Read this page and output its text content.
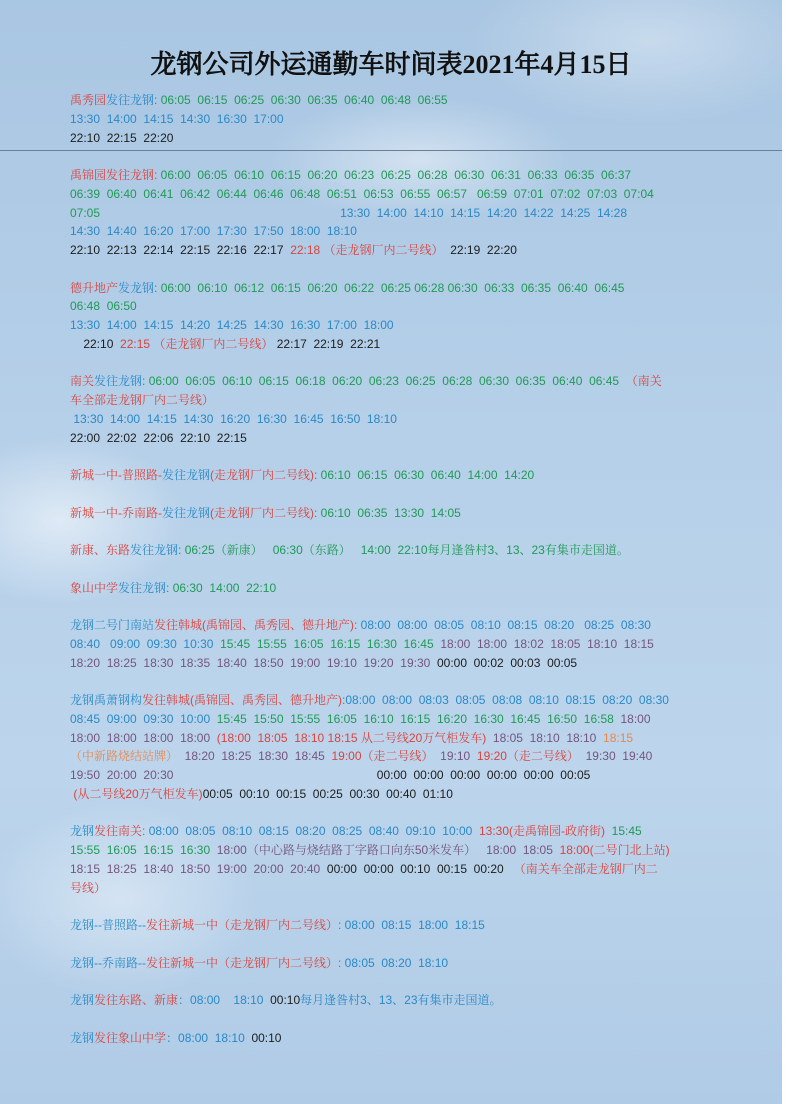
龙钢公司外运通勤车时间表2021年4月15日
禹秀园发往龙钢: 06:05  06:15  06:25  06:30  06:35  06:40  06:48  06:55
13:30  14:00  14:15  14:30  16:30  17:00
22:10  22:15  22:20
禹锦园发往龙钢: 06:00  06:05  06:10  06:15  06:20  06:23  06:25  06:28  06:30  06:31  06:33  06:35  06:37
06:39  06:40  06:41  06:42  06:44  06:46  06:48  06:51  06:53  06:55  06:57   06:59  07:01  07:02  07:03  07:04
07:05                                                                        13:30  14:00  14:10  14:15  14:20  14:22  14:25  14:28
14:30  14:40  16:20  17:00  17:30  17:50  18:00  18:10
22:10  22:13  22:14  22:15  22:16  22:17  22:18 （走龙钢厂内二号线）  22:19  22:20
德升地产发龙钢: 06:00  06:10  06:12  06:15  06:20  06:22  06:25 06:28 06:30  06:33  06:35  06:40  06:45
06:48  06:50
13:30  14:00  14:15  14:20  14:25  14:30  16:30  17:00  18:00
22:10  22:15 （走龙钢厂内二号线） 22:17  22:19  22:21
南关发往龙钢: 06:00  06:05  06:10  06:15  06:18  06:20  06:23  06:25  06:28  06:30  06:35  06:40  06:45  （南关
车全部走龙钢厂内二号线）
13:30  14:00  14:15  14:30  16:20  16:30  16:45  16:50  18:10
22:00  22:02  22:06  22:10  22:15
新城一中-普照路-发往龙钢(走龙钢厂内二号线): 06:10  06:15  06:30  06:40  14:00  14:20
新城一中-乔南路-发往龙钢(走龙钢厂内二号线): 06:10  06:35  13:30  14:05
新康、东路发往龙钢: 06:25（新康）   06:30（东路）   14:00  22:10每月逢昝村3、13、23有集市走国道。
象山中学发往龙钢: 06:30  14:00  22:10
龙钢二号门南站发往韩城(禹锦园、禹秀园、德升地产): 08:00  08:00  08:05  08:10  08:15  08:20   08:25  08:30
08:40   09:00  09:30  10:30  15:45  15:55  16:05  16:15  16:30  16:45  18:00  18:00  18:02  18:05  18:10  18:15
18:20  18:25  18:30  18:35  18:40  18:50  19:00  19:10  19:20  19:30  00:00  00:02  00:03  00:05
龙钢禹萧钢构发往韩城(禹锦园、禹秀园、德升地产):08:00  08:00  08:03  08:05  08:08  08:10  08:15  08:20  08:30
08:45  09:00  09:30  10:00  15:45  15:50  15:55  16:05  16:10  16:15  16:20  16:30  16:45  16:50  16:58  18:00
18:00  18:00  18:00  18:00  (18:00  18:05  18:10 18:15 从二号线20万气柜发车)  18:05  18:10  18:10  18:15
（中新路烧结站牌）  18:20  18:25  18:30  18:45  19:00（走二号线）  19:10  19:20（走二号线）  19:30  19:40
19:50  20:00  20:30                                                             00:00  00:00  00:00  00:00  00:00  00:05
(从二号线20万气柜发车)00:05  00:10  00:15  00:25  00:30  00:40  01:10
龙钢发往南关: 08:00  08:05  08:10  08:15  08:20  08:25  08:40  09:10  10:00  13:30(走禹锦园-政府街)  15:45
15:55  16:05  16:15  16:30  18:00（中心路与烧结路丁字路口向东50米发车）   18:00  18:05  18:00(二号门北上站)
18:15  18:25  18:40  18:50  19:00  20:00  20:40  00:00  00:00  00:10  00:15  00:20   （南关车全部走龙钢厂内二
号线）
龙钢--普照路--发往新城一中（走龙钢厂内二号线）: 08:00  08:15  18:00  18:15
龙钢--乔南路--发往新城一中（走龙钢厂内二号线）: 08:05  08:20  18:10
龙钢发往东路、新康：08:00    18:10  00:10每月逢昝村3、13、23有集市走国道。
龙钢发往象山中学：08:00  18:10  00:10
